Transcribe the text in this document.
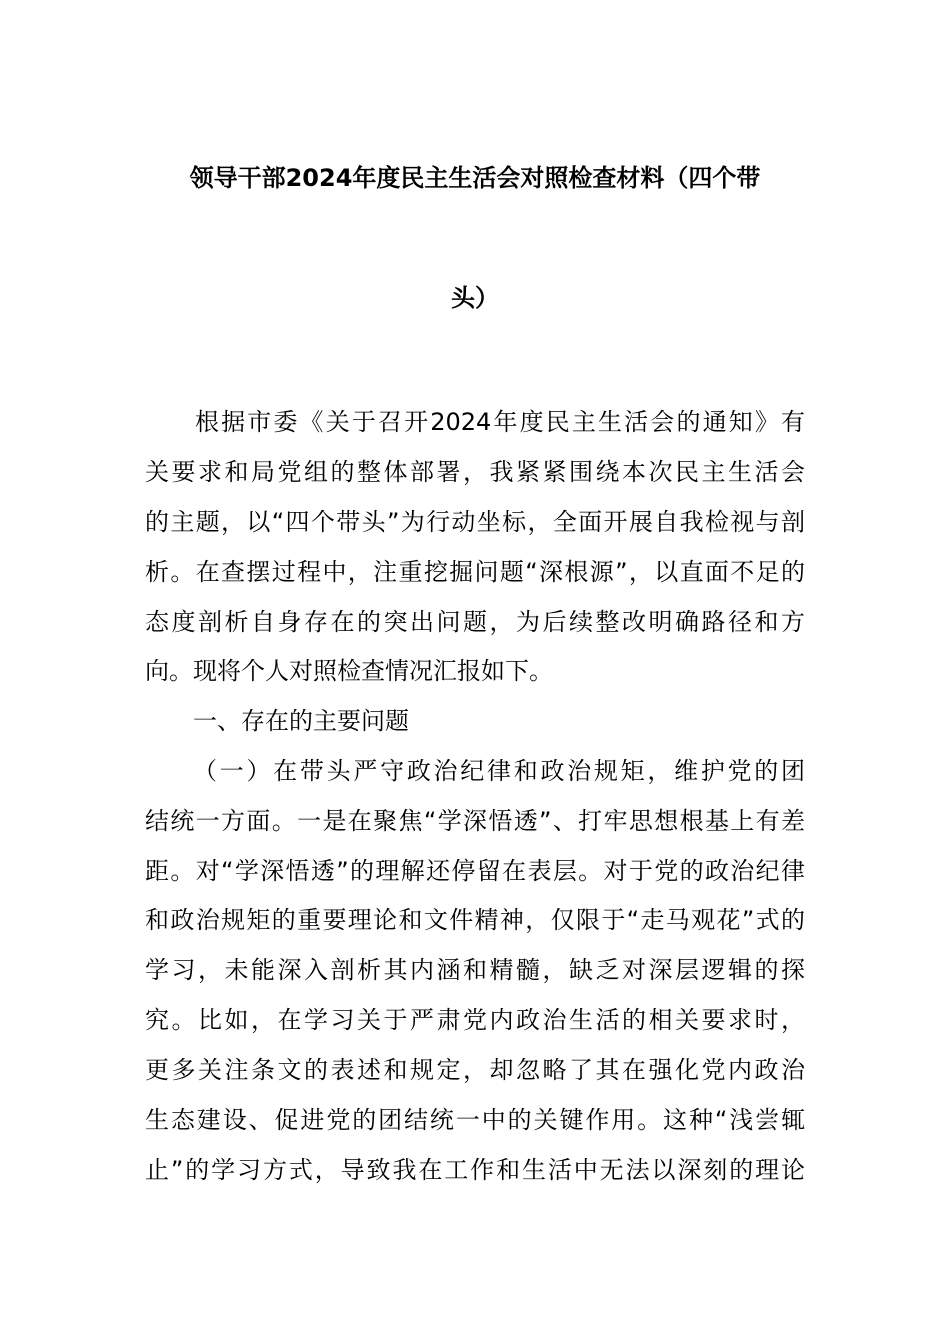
领导干部2024年度民主生活会对照检查材料（四个带
头）
根据市委《关于召开2024年度民主生活会的通知》有
关要求和局党组的整体部署，我紧紧围绕本次民主生活会
的主题，以“四个带头”为行动坐标，全面开展自我检视与剖
析。在查摆过程中，注重挖掘问题“深根源”，以直面不足的
态度剖析自身存在的突出问题，为后续整改明确路径和方
向。现将个人对照检查情况汇报如下。
一、存在的主要问题
（一）在带头严守政治纪律和政治规矩，维护党的团
结统一方面。一是在聚焦“学深悟透”、打牢思想根基上有差
距。对“学深悟透”的理解还停留在表层。对于党的政治纪律
和政治规矩的重要理论和文件精神，仅限于“走马观花”式的
学习，未能深入剖析其内涵和精髓，缺乏对深层逻辑的探
究。比如，在学习关于严肃党内政治生活的相关要求时，
更多关注条文的表述和规定，却忽略了其在强化党内政治
生态建设、促进党的团结统一中的关键作用。这种“浅尝辄
止”的学习方式，导致我在工作和生活中无法以深刻的理论
